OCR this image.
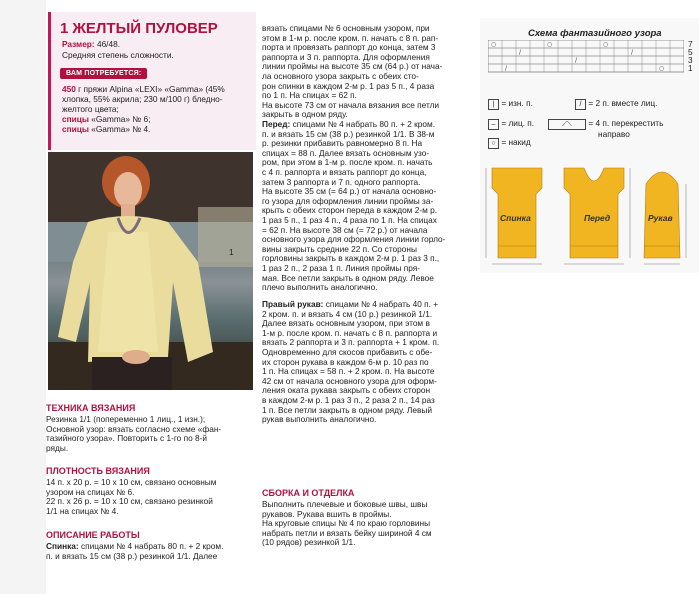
1 ЖЕЛТЫЙ ПУЛОВЕР
Размер: 46/48.
Средняя степень сложности.
ВАМ ПОТРЕБУЕТСЯ:
450 г пряжи Alpina «LEXI» «Gamma» (45%
хлопка, 55% акрила; 230 м/100 г) бледно-
желтого цвета;
спицы «Gamma» № 6;
спицы «Gamma» № 4.
1
ТЕХНИКА ВЯЗАНИЯ
Резинка 1/1 (попеременно 1 лиц., 1 изн.);
Основной узор: вязать согласно схеме «фан-
тазийного узора». Повторить с 1-го по 8-й
ряды.
ПЛОТНОСТЬ ВЯЗАНИЯ
14 п. х 20 р. = 10 х 10 см, связано основным
узором на спицах № 6.
22 п. х 26 р. = 10 х 10 см, связано резинкой
1/1 на спицах № 4.
ОПИСАНИЕ РАБОТЫ
Спинка: спицами № 4 набрать 80 п. + 2 кром.
п. и вязать 15 см (38 р.) резинкой 1/1. Далее
вязать спицами № 6 основным узором, при
этом в 1-м р. после кром. п. начать с 8 п. рап-
порта и провязать раппорт до конца, затем 3
раппорта и 3 п. раппорта. Для оформления
линии проймы на высоте 35 см (64 р.) от нача-
ла основного узора закрыть с обеих сто-
рон спинки в каждом 2-м р. 1 раз 5 п., 4 раза
по 1 п. На спицах = 62 п.
На высоте 73 см от начала вязания все петли
закрыть в одном ряду.
Перед: спицами № 4 набрать 80 п. + 2 кром.
п. и вязать 15 см (38 р.) резинкой 1/1. В 38-м
р. резинки прибавить равномерно 8 п. На
спицах = 88 п. Далее вязать основным узо-
ром, при этом в 1-м р. после кром. п. начать
с 4 п. раппорта и вязать раппорт до конца,
затем 3 раппорта и 7 п. одного раппорта.
На высоте 35 см (= 64 р.) от начала основно-
го узора для оформления линии проймы за-
крыть с обеих сторон переда в каждом 2-м р.
1 раз 5 п., 1 раз 4 п., 4 раза по 1 п. На спицах
= 62 п. На высоте 38 см (= 72 р.) от начала
основного узора для оформления линии горло-
вины закрыть средние 22 п. Со стороны
горловины закрыть в каждом 2-м р. 1 раз 3 п.,
1 раз 2 п., 2 раза 1 п. Линия проймы пря-
мая. Все петли закрыть в одном ряду. Левое
плечо выполнить аналогично.
Правый рукав: спицами № 4 набрать 40 п. +
2 кром. п. и вязать 4 см (10 р.) резинкой 1/1.
Далее вязать основным узором, при этом в
1-м р. после кром. п. начать с 8 п. раппорта и
вязать 2 раппорта и 3 п. раппорта + 1 кром. п.
Одновременно для скосов прибавить с обе-
их сторон рукава в каждом 6-м р. 10 раз по
1 п. На спицах = 58 п. + 2 кром. п. На высоте
42 см от начала основного узора для оформ-
ления оката рукава закрыть с обеих сторон
в каждом 2-м р. 1 раз 3 п., 2 раза 2 п., 14 раз
1 п. Все петли закрыть в одном ряду. Левый
рукав выполнить аналогично.
СБОРКА И ОТДЕЛКА
Выполнить плечевые и боковые швы, швы
рукавов. Рукава вшить в проймы.
На круговые спицы № 4 по краю горловины
набрать петли и вязать бейку шириной 4 см
(10 рядов) резинкой 1/1.
Схема фантазийного узора
○
/
○
/
○
/
○
/
7
5
3
1
| = изн. п.
– = лиц. п.
○ = накид
/ = 2 п. вместе лиц.
⟋⟍ = 4 п. перекрестить
направо
Спинка	Перед	Рукав
